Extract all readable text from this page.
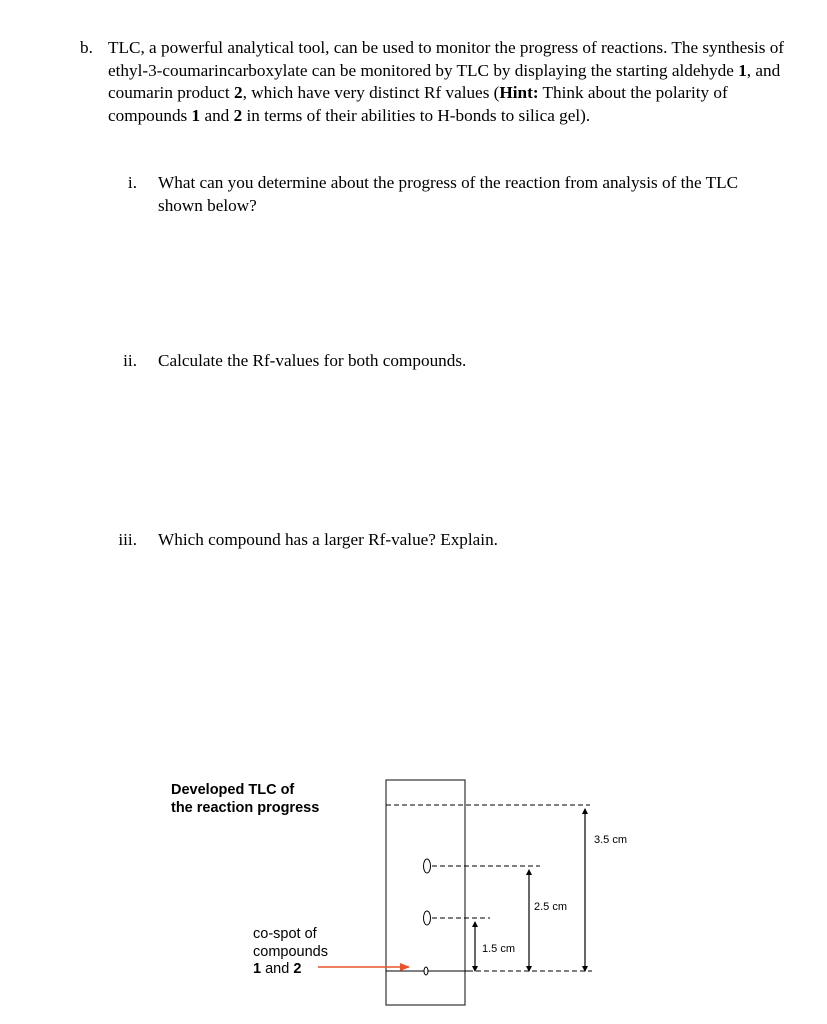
b. TLC, a powerful analytical tool, can be used to monitor the progress of reactions. The synthesis of ethyl-3-coumarincarboxylate can be monitored by TLC by displaying the starting aldehyde 1, and coumarin product 2, which have very distinct Rf values (Hint: Think about the polarity of compounds 1 and 2 in terms of their abilities to H-bonds to silica gel).
i. What can you determine about the progress of the reaction from analysis of the TLC shown below?
ii. Calculate the Rf-values for both compounds.
iii. Which compound has a larger Rf-value? Explain.
Developed TLC of
the reaction progress
co-spot of
compounds
1 and 2
1.5 cm
2.5 cm
3.5 cm
